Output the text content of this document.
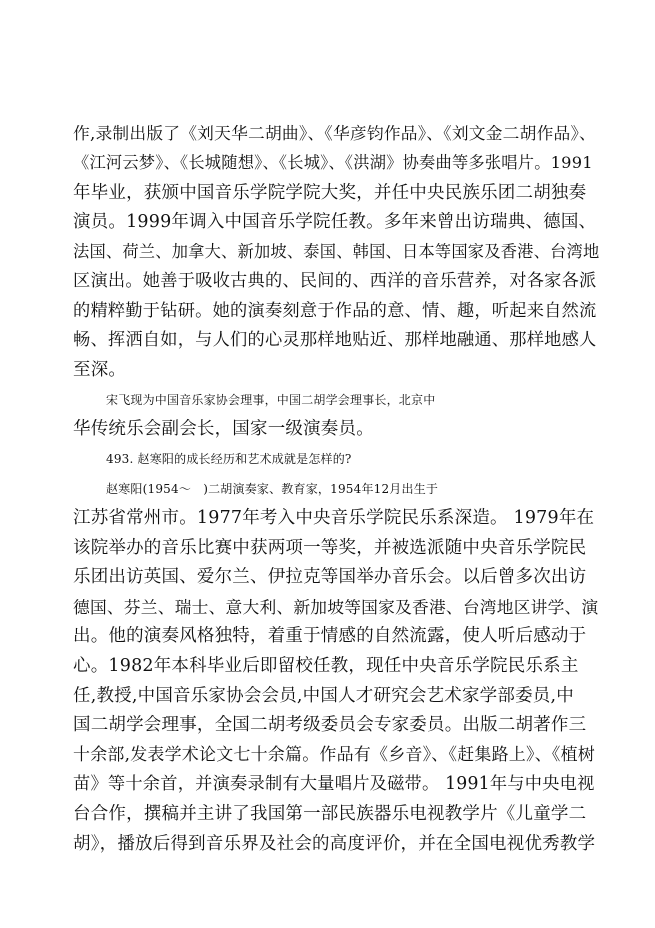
作,录制出版了《刘天华二胡曲》、《华彦钧作品》、《刘文金二胡作品》、
《江河云梦》、《长城随想》、《长城》、《洪湖》协奏曲等多张唱片。1991
年毕业，获颁中国音乐学院学院大奖，并任中央民族乐团二胡独奏
演员。1999年调入中国音乐学院任教。多年来曾出访瑞典、德国、
法国、荷兰、加拿大、新加坡、泰国、韩国、日本等国家及香港、台湾地
区演出。她善于吸收古典的、民间的、西洋的音乐营养，对各家各派
的精粹勤于钻研。她的演奏刻意于作品的意、情、趣，听起来自然流
畅、挥洒自如，与人们的心灵那样地贴近、那样地融通、那样地感人
至深。
宋飞现为中国音乐家协会理事，中国二胡学会理事长，北京中
华传统乐会副会长，国家一级演奏员。
493. 赵寒阳的成长经历和艺术成就是怎样的?
赵寒阳(1954～　)二胡演奏家、教育家，1954年12月出生于
江苏省常州市。1977年考入中央音乐学院民乐系深造。 1979年在
该院举办的音乐比赛中获两项一等奖，并被选派随中央音乐学院民
乐团出访英国、爱尔兰、伊拉克等国举办音乐会。以后曾多次出访
德国、芬兰、瑞士、意大利、新加坡等国家及香港、台湾地区讲学、演
出。他的演奏风格独特，着重于情感的自然流露，使人听后感动于
心。1982年本科毕业后即留校任教，现任中央音乐学院民乐系主
任,教授,中国音乐家协会会员,中国人才研究会艺术家学部委员,中
国二胡学会理事，全国二胡考级委员会专家委员。出版二胡著作三
十余部,发表学术论文七十余篇。作品有《乡音》、《赶集路上》、《植树
苗》等十余首，并演奏录制有大量唱片及磁带。 1991年与中央电视
台合作，撰稿并主讲了我国第一部民族器乐电视教学片《儿童学二
胡》，播放后得到音乐界及社会的高度评价，并在全国电视优秀教学
